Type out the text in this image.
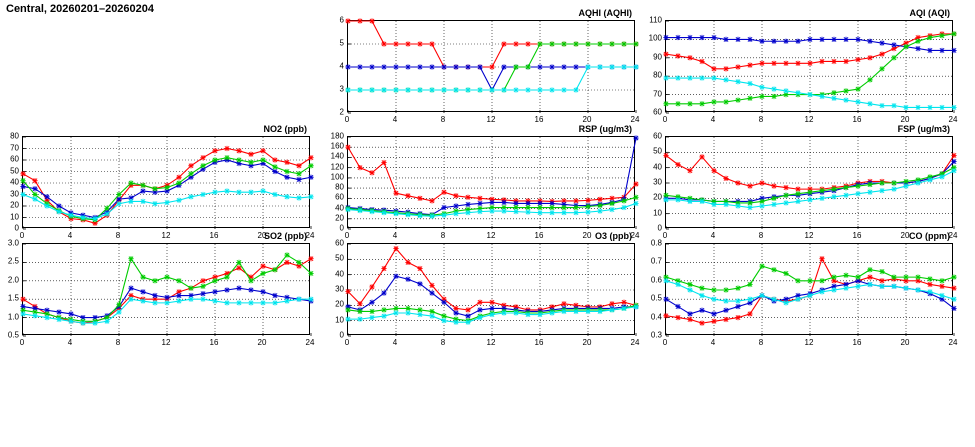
Central, 20260201–20260204
0	4	8	12	16	20	24
2
3
4
5
6
AQHI (AQHI)
0	4	8	12	16	20	24
60
70
80
90
100
110
AQI (AQI)
0	4	8	12	16	20	24
0
10
20
30
40
50
60
70
80
NO2 (ppb)
0	4	8	12	16	20	24
0
20
40
60
80
100
120
140
160
180
RSP (ug/m3)
0	4	8	12	16	20	24
0
10
20
30
40
50
60
FSP (ug/m3)
0	4	8	12	16	20	24
0.5
1.0
1.5
2.0
2.5
3.0
SO2 (ppb)
0	4	8	12	16	20	24
0
10
20
30
40
50
60
O3 (ppb)
0	4	8	12	16	20	24
0.3
0.4
0.5
0.6
0.7
0.8
CO (ppm)
